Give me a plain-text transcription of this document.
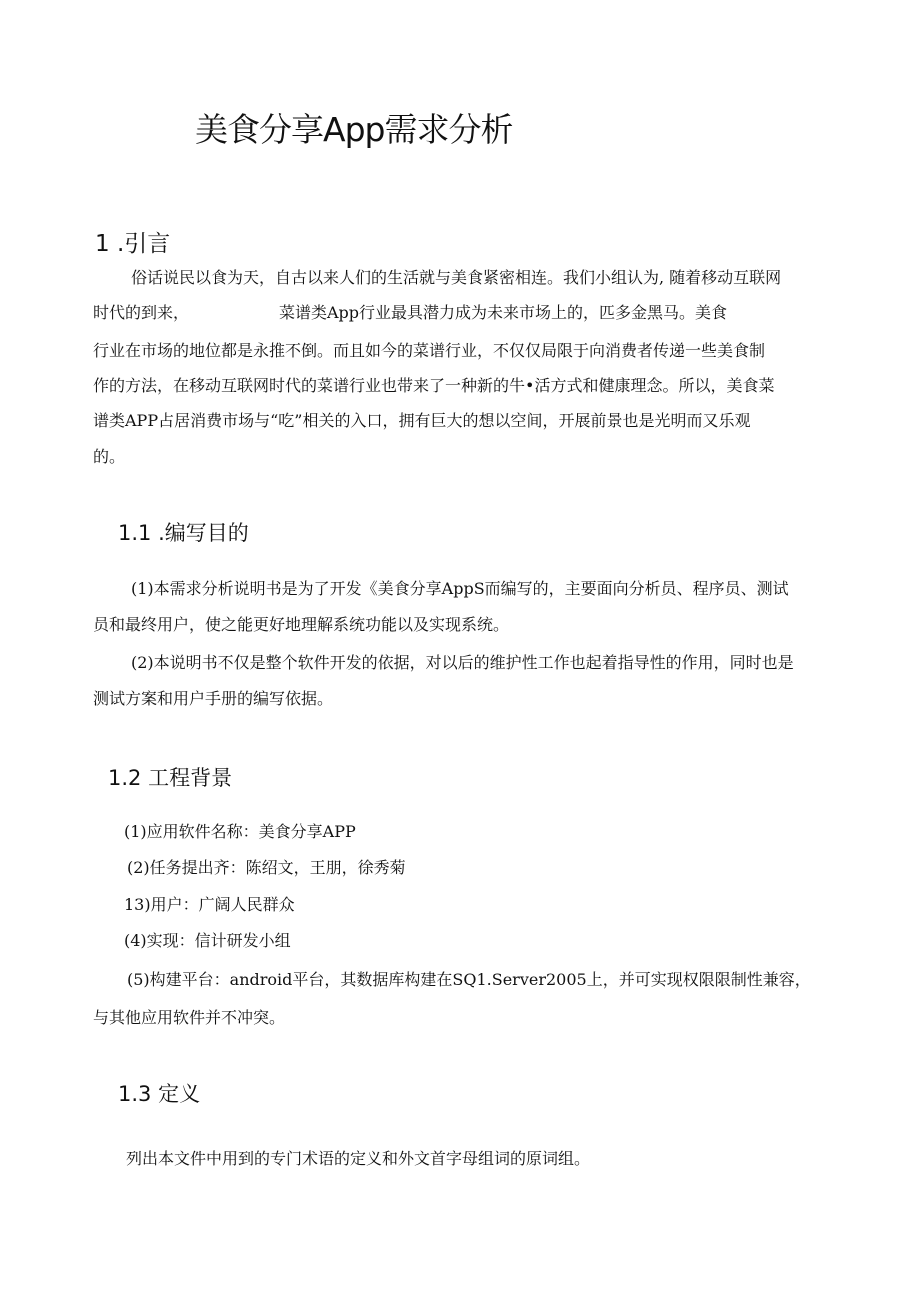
美食分享App需求分析
1 .引言
俗话说民以食为天，自古以来人们的生活就与美食紧密相连。我们小组认为, 随着移动互联网
时代的到来，	菜谱类App行业最具潜力成为未来市场上的，匹多金黑马。美食
行业在市场的地位都是永推不倒。而且如今的菜谱行业，不仅仅局限于向消费者传递一些美食制
作的方法，在移动互联网时代的菜谱行业也带来了一种新的牛•活方式和健康理念。所以，美食菜
谱类APP占居消费市场与“吃”相关的入口，拥有巨大的想以空间，开展前景也是光明而又乐观
的。
1.1 .编写目的
(1)本需求分析说明书是为了开发《美食分享AppS而编写的，主要面向分析员、程序员、测试
员和最终用户，使之能更好地理解系统功能以及实现系统。
(2)本说明书不仅是整个软件开发的依据，对以后的维护性工作也起着指导性的作用，同时也是
测试方案和用户手册的编写依据。
1.2 工程背景
(1)应用软件名称：美食分享APP
(2)任务提出齐：陈绍文，王朋，徐秀菊
13)用户：广阔人民群众
(4)实现：信计研发小组
(5)构建平台：android平台，其数据库构建在SQ1.Server2005上，并可实现权限限制性兼容，
与其他应用软件并不冲突。
1.3 定义
列出本文件中用到的专门术语的定义和外文首字母组词的原词组。
